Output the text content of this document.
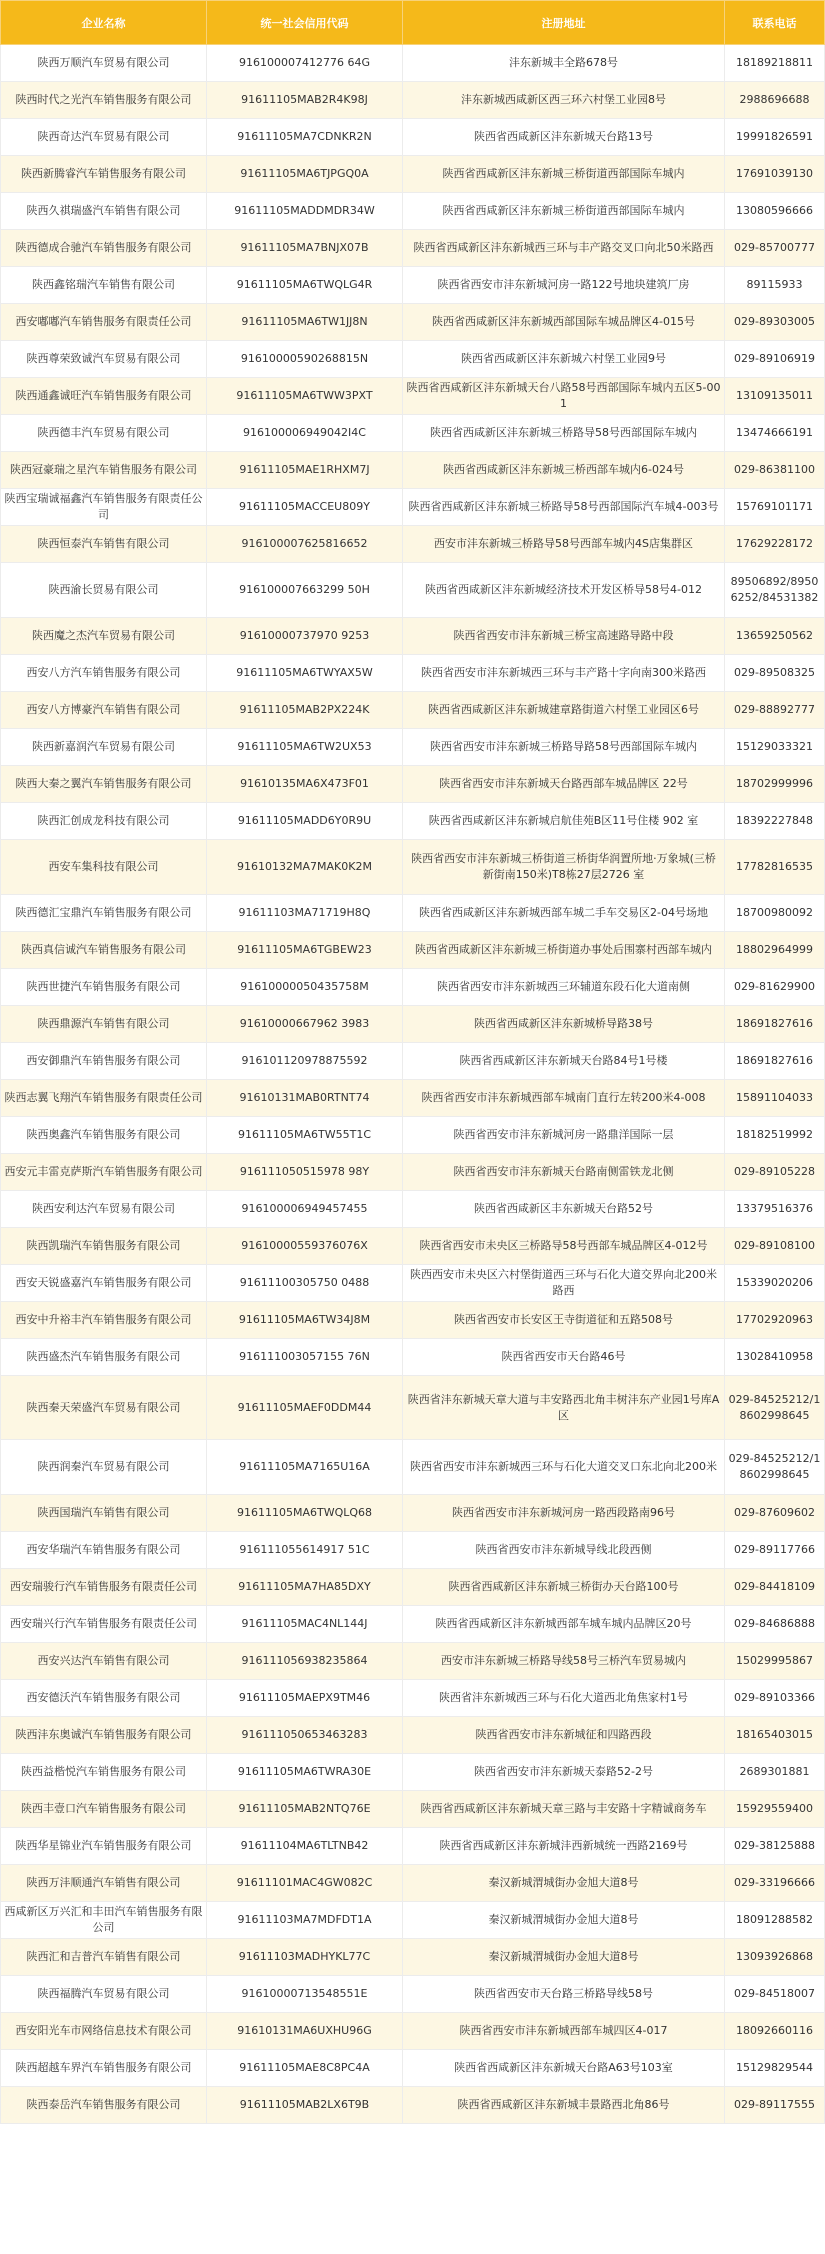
企业名称	统一社会信用代码	注册地址	联系电话
陕西万顺汽车贸易有限公司	916100007412776 64G	沣东新城丰全路678号	18189218811
陕西时代之光汽车销售服务有限公司	91611105MAB2R4K98J	沣东新城西咸新区西三环六村堡工业园8号	2988696688
陕西奇达汽车贸易有限公司	91611105MA7CDNKR2N	陕西省西咸新区沣东新城天台路13号	19991826591
陕西新腾睿汽车销售服务有限公司	91611105MA6TJPGQ0A	陕西省西咸新区沣东新城三桥街道西部国际车城内	17691039130
陕西久祺瑞盛汽车销售有限公司	91611105MADDMDR34W	陕西省西咸新区沣东新城三桥街道西部国际车城内	13080596666
陕西德成合驰汽车销售服务有限公司	91611105MA7BNJX07B	陕西省西咸新区沣东新城西三环与丰产路交叉口向北50米路西	029-85700777
陕西鑫铭瑞汽车销售有限公司	91611105MA6TWQLG4R	陕西省西安市沣东新城河房一路122号地块建筑厂房	89115933
西安嘟嘟汽车销售服务有限责任公司	91611105MA6TW1JJ8N	陕西省西咸新区沣东新城西部国际车城品牌区4-015号	029-89303005
陕西尊荣致诚汽车贸易有限公司	91610000590268815N	陕西省西咸新区沣东新城六村堡工业园9号	029-89106919
陕西通鑫诚旺汽车销售服务有限公司	91611105MA6TWW3PXT	陕西省西咸新区沣东新城天台八路58号西部国际车城内五区5-001	13109135011
陕西德丰汽车贸易有限公司	916100006949042I4C	陕西省西咸新区沣东新城三桥路导58号西部国际车城内	13474666191
陕西冠豪瑞之星汽车销售服务有限公司	91611105MAE1RHXM7J	陕西省西咸新区沣东新城三桥西部车城内6-024号	029-86381100
陕西宝瑞诚福鑫汽车销售服务有限责任公司	91611105MACCEU809Y	陕西省西咸新区沣东新城三桥路导58号西部国际汽车城4-003号	15769101171
陕西恒泰汽车销售有限公司	916100007625816652	西安市沣东新城三桥路导58号西部车城内4S店集群区	17629228172
陕西渝长贸易有限公司	916100007663299 50H	陕西省西咸新区沣东新城经济技术开发区桥导58号4-012	89506892/89506252/84531382
陕西魔之杰汽车贸易有限公司	91610000737970 9253	陕西省西安市沣东新城三桥宝高速路导路中段	13659250562
西安八方汽车销售服务有限公司	91611105MA6TWYAX5W	陕西省西安市沣东新城西三环与丰产路十字向南300米路西	029-89508325
西安八方博豪汽车销售有限公司	91611105MAB2PX224K	陕西省西咸新区沣东新城建章路街道六村堡工业园区6号	029-88892777
陕西新嘉润汽车贸易有限公司	91611105MA6TW2UX53	陕西省西安市沣东新城三桥路导路58号西部国际车城内	15129033321
陕西大秦之翼汽车销售服务有限公司	91610135MA6X473F01	陕西省西安市沣东新城天台路西部车城品牌区 22号	18702999996
陕西汇创成龙科技有限公司	91611105MADD6Y0R9U	陕西省西咸新区沣东新城启航佳苑B区11号住楼 902 室	18392227848
西安车集科技有限公司	91610132MA7MAK0K2M	陕西省西安市沣东新城三桥街道三桥街华润置所地·万象城(三桥新街南150米)T8栋27层2726 室	17782816535
陕西德汇宝鼎汽车销售服务有限公司	91611103MA71719H8Q	陕西省西咸新区沣东新城西部车城二手车交易区2-04号场地	18700980092
陕西真信诚汽车销售服务有限公司	91611105MA6TGBEW23	陕西省西咸新区沣东新城三桥街道办事处后围寨村西部车城内	18802964999
陕西世捷汽车销售服务有限公司	91610000050435758M	陕西省西安市沣东新城西三环辅道东段石化大道南侧	029-81629900
陕西鼎源汽车销售有限公司	91610000667962 3983	陕西省西咸新区沣东新城桥导路38号	18691827616
西安御鼎汽车销售服务有限公司	916101120978875592	陕西省西咸新区沣东新城天台路84号1号楼	18691827616
陕西志翼飞翔汽车销售服务有限责任公司	91610131MAB0RTNT74	陕西省西安市沣东新城西部车城南门直行左转200米4-008	15891104033
陕西奥鑫汽车销售服务有限公司	91611105MA6TW55T1C	陕西省西安市沣东新城河房一路鼎洋国际一层	18182519992
西安元丰雷克萨斯汽车销售服务有限公司	916111050515978 98Y	陕西省西安市沣东新城天台路南侧雷铁龙北侧	029-89105228
陕西安利达汽车贸易有限公司	916100006949457455	陕西省西咸新区丰东新城天台路52号	13379516376
陕西凯瑞汽车销售服务有限公司	91610000559376076X	陕西省西安市未央区三桥路导58号西部车城品牌区4-012号	029-89108100
西安天锐盛嘉汽车销售服务有限公司	91611100305750 0488	陕西西安市未央区六村堡街道西三环与石化大道交界向北200米路西	15339020206
西安中升裕丰汽车销售服务有限公司	91611105MA6TW34J8M	陕西省西安市长安区王寺街道征和五路508号	17702920963
陕西盛杰汽车销售服务有限公司	916111003057155 76N	陕西省西安市天台路46号	13028410958
陕西秦天荣盛汽车贸易有限公司	91611105MAEF0DDM44	陕西省沣东新城天章大道与丰安路西北角丰树沣东产业园1号库A区	029-84525212/18602998645
陕西润秦汽车贸易有限公司	91611105MA7165U16A	陕西省西安市沣东新城西三环与石化大道交叉口东北向北200米	029-84525212/18602998645
陕西国瑞汽车销售有限公司	91611105MA6TWQLQ68	陕西省西安市沣东新城河房一路西段路南96号	029-87609602
西安华瑞汽车销售服务有限公司	916111055614917 51C	陕西省西安市沣东新城导线北段西侧	029-89117766
西安瑞骏行汽车销售服务有限责任公司	91611105MA7HA85DXY	陕西省西咸新区沣东新城三桥街办天台路100号	029-84418109
西安瑞兴行汽车销售服务有限责任公司	91611105MAC4NL144J	陕西省西咸新区沣东新城西部车城车城内品牌区20号	029-84686888
西安兴达汽车销售有限公司	916111056938235864	西安市沣东新城三桥路导线58号三桥汽车贸易城内	15029995867
西安德沃汽车销售服务有限公司	91611105MAEPX9TM46	陕西省沣东新城西三环与石化大道西北角焦家村1号	029-89103366
陕西沣东奥诚汽车销售服务有限公司	916111050653463283	陕西省西安市沣东新城征和四路西段	18165403015
陕西益楷悦汽车销售服务有限公司	91611105MA6TWRA30E	陕西省西安市沣东新城天泰路52-2号	2689301881
陕西丰壹口汽车销售服务有限公司	91611105MAB2NTQ76E	陕西省西咸新区沣东新城天章三路与丰安路十字精诚商务车	15929559400
陕西华星锦业汽车销售服务有限公司	91611104MA6TLTNB42	陕西省西咸新区沣东新城沣西新城统一西路2169号	029-38125888
陕西万沣顺通汽车销售有限公司	91611101MAC4GW082C	秦汉新城渭城街办金旭大道8号	029-33196666
西咸新区万兴汇和丰田汽车销售服务有限公司	91611103MA7MDFDT1A	秦汉新城渭城街办金旭大道8号	18091288582
陕西汇和吉普汽车销售有限公司	91611103MADHYKL77C	秦汉新城渭城街办金旭大道8号	13093926868
陕西福腾汽车贸易有限公司	91610000713548551E	陕西省西安市天台路三桥路导线58号	029-84518007
西安阳光车市网络信息技术有限公司	91610131MA6UXHU96G	陕西省西安市沣东新城西部车城四区4-017	18092660116
陕西超越车界汽车销售服务有限公司	91611105MAE8C8PC4A	陕西省西咸新区沣东新城天台路A63号103室	15129829544
陕西泰岳汽车销售服务有限公司	91611105MAB2LX6T9B	陕西省西咸新区沣东新城丰景路西北角86号	029-89117555
